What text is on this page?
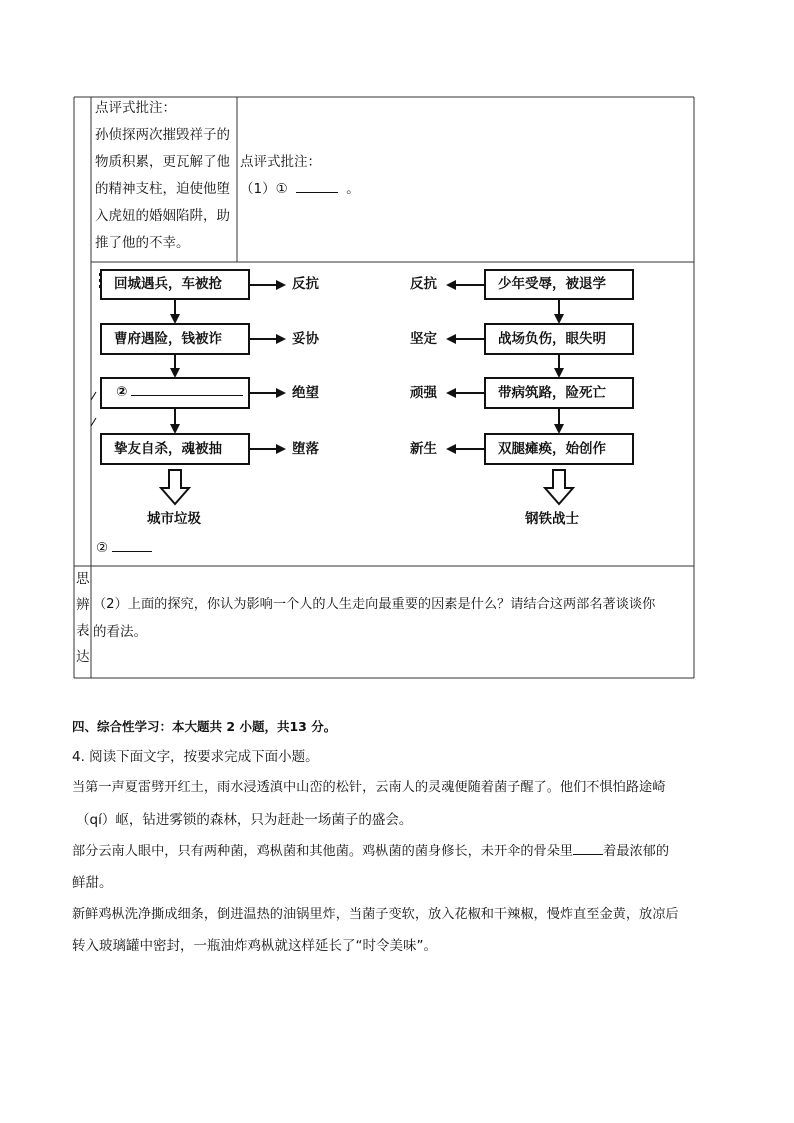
点评式批注：
孙侦探两次摧毁祥子的
物质积累，更瓦解了他
的精神支柱，迫使他堕
入虎妞的婚姻陷阱，助
推了他的不幸。
点评式批注：
（1）①	。
回城遇兵，车被抢
曹府遇险，钱被诈
②
挚友自杀，魂被抽
反抗
妥协
绝望
堕落
城市垃圾
少年受辱，被退学
战场负伤，眼失明
带病筑路，险死亡
双腿瘫痪，始创作
反抗
坚定
顽强
新生
钢铁战士
②
思
辨
表
达
（2）上面的探究，你认为影响一个人的人生走向最重要的因素是什么？请结合这两部名著谈谈你
的看法。
四、综合性学习：本大题共 2 小题，共13 分。
4. 阅读下面文字，按要求完成下面小题。
当第一声夏雷劈开红土，雨水浸透滇中山峦的松针，云南人的灵魂便随着菌子醒了。他们不惧怕路途崎
（qí）岖，钻进雾锁的森林，只为赶赴一场菌子的盛会。
部分云南人眼中，只有两种菌，鸡枞菌和其他菌。鸡枞菌的菌身修长，未开伞的骨朵里 着最浓郁的
鲜甜。
新鲜鸡枞洗净撕成细条，倒进温热的油锅里炸，当菌子变软，放入花椒和干辣椒，慢炸直至金黄，放凉后
转入玻璃罐中密封，一瓶油炸鸡枞就这样延长了“时令美味”。
